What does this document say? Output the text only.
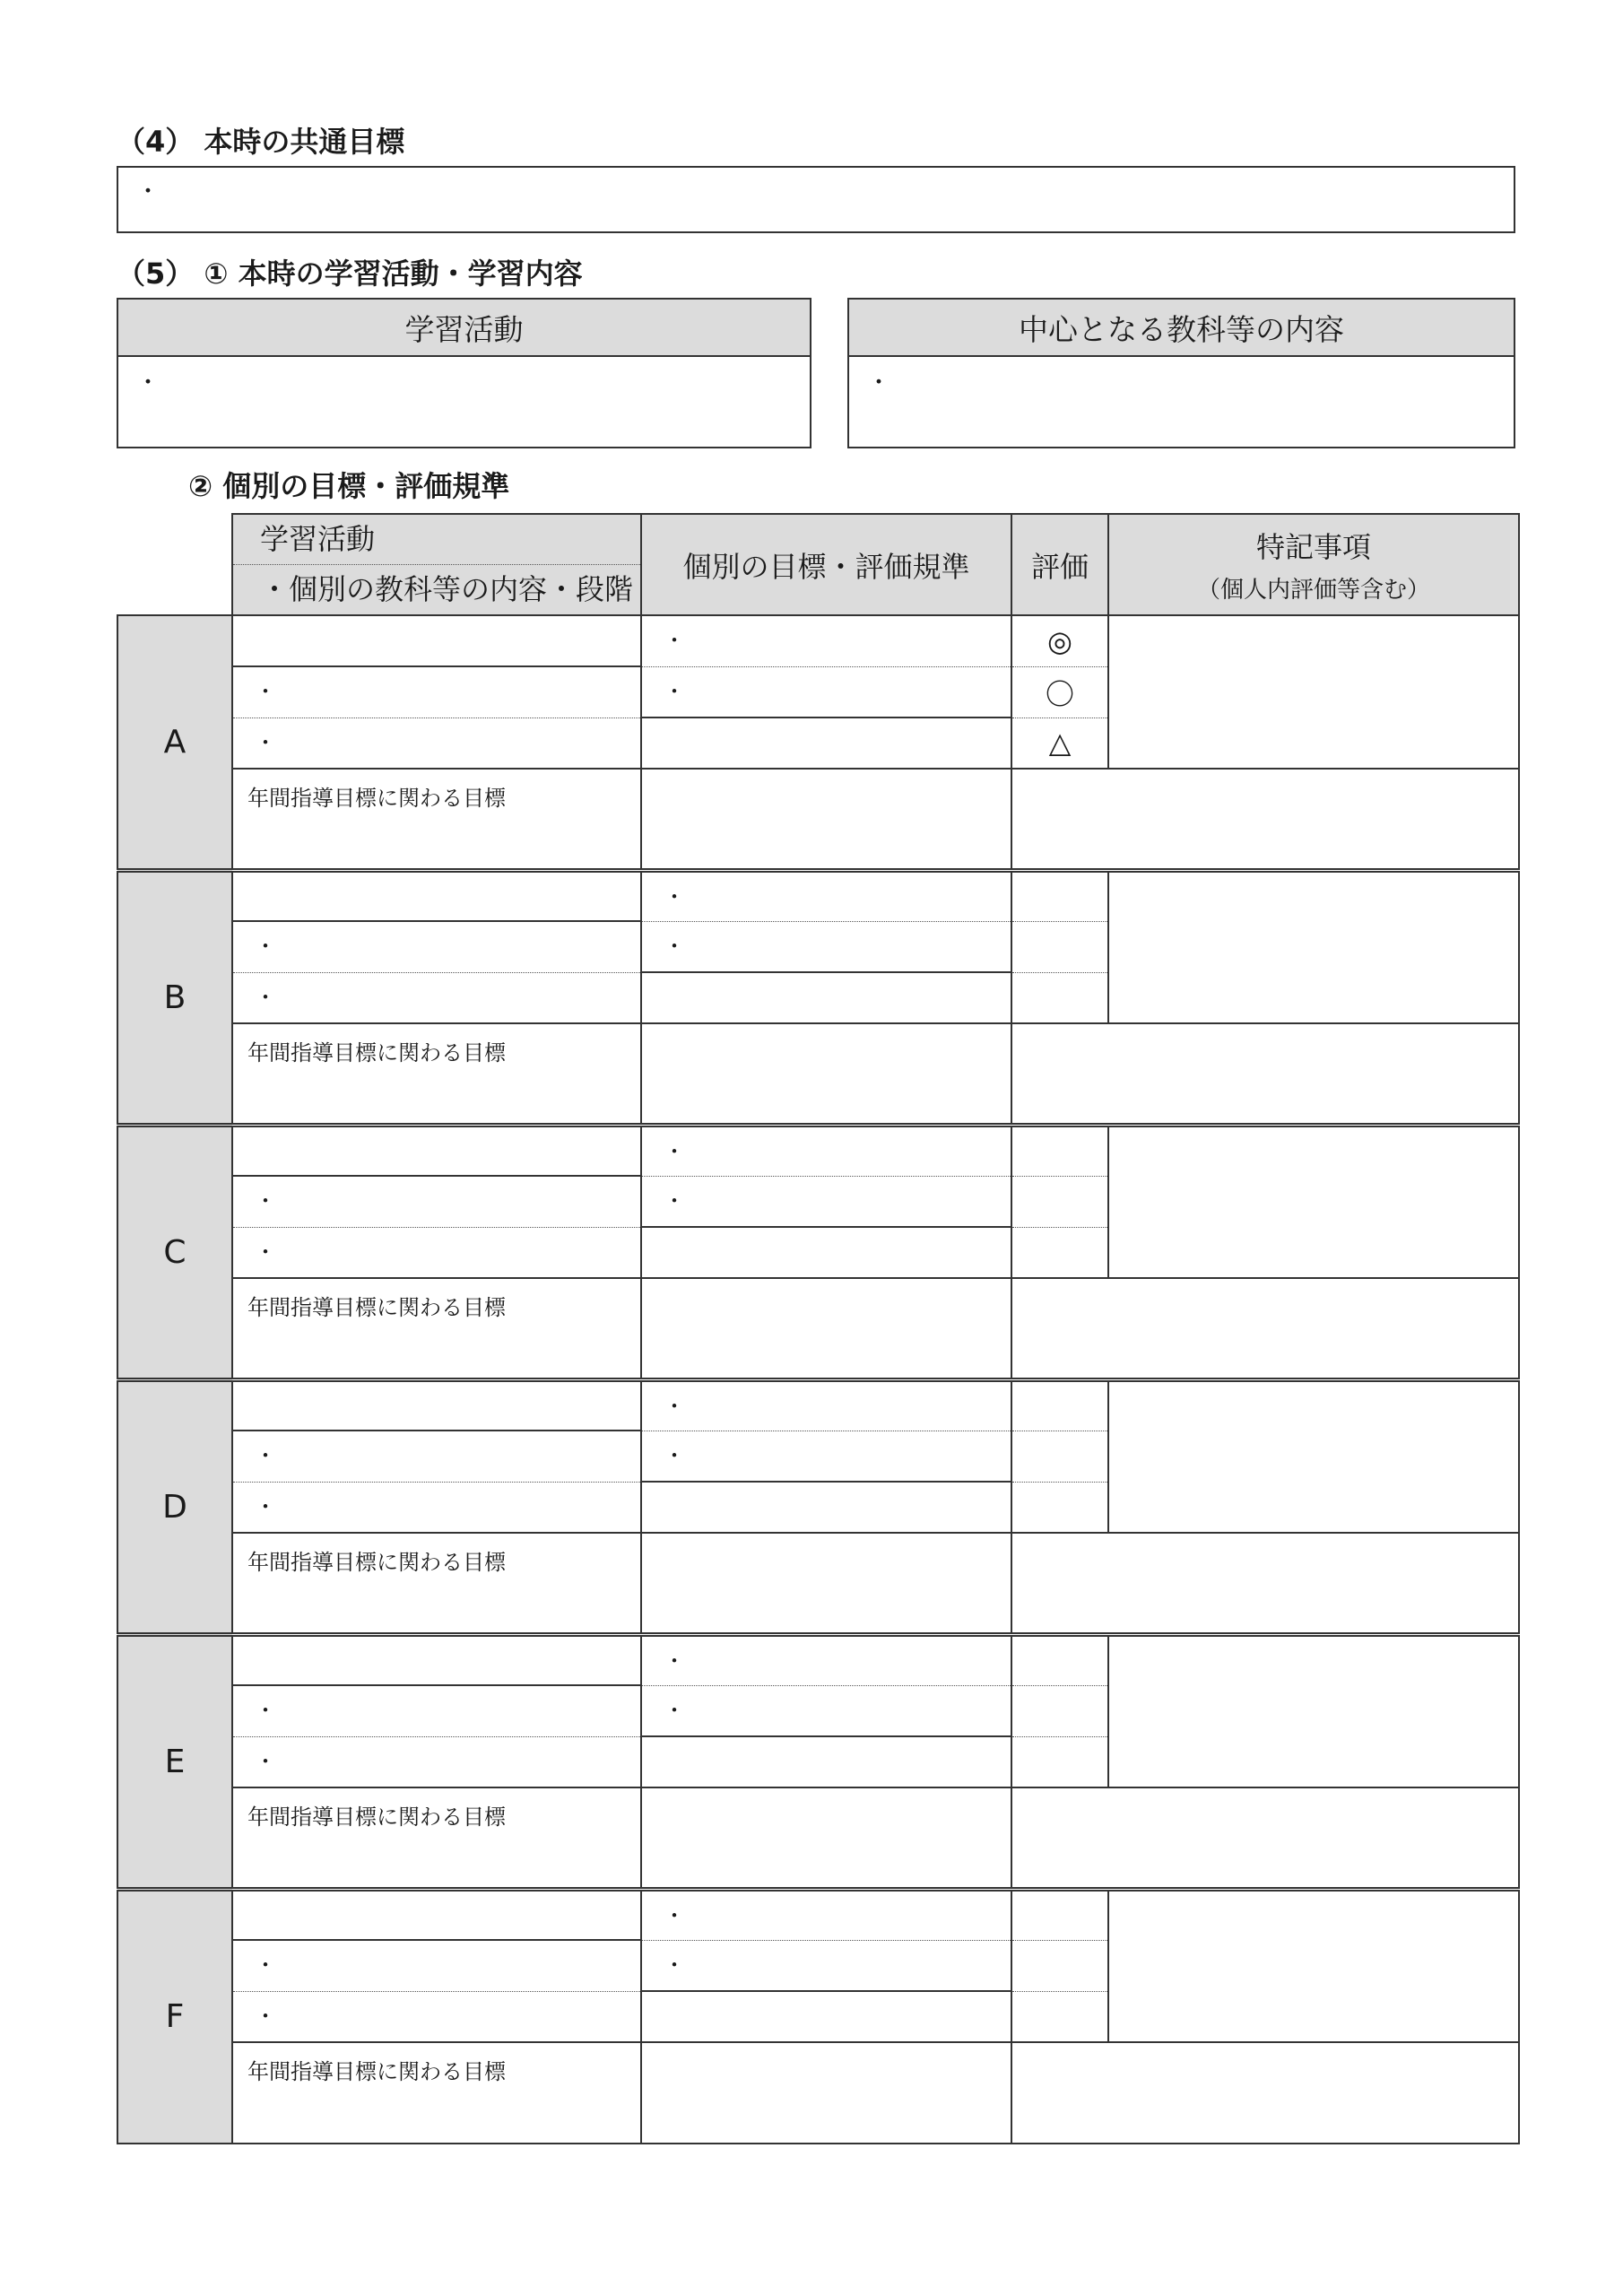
（4） 本時の共通目標
・
（5） ① 本時の学習活動・学習内容
学習活動
・
中心となる教科等の内容
・
② 個別の目標・評価規準

	学習活動
・個別の教科等の内容・段階	個別の目標・評価規準	評価	特記事項
（個人内評価等含む）

A		・	◎	

	・	・	〇	

	・		△	

	年間指導目標に関わる目標			

B		・		

	・	・		

	・			

	年間指導目標に関わる目標			

C		・		

	・	・		

	・			

	年間指導目標に関わる目標			

D		・		

	・	・		

	・			

	年間指導目標に関わる目標			

E		・		

	・	・		

	・			

	年間指導目標に関わる目標			

F		・		

	・	・		

	・			

	年間指導目標に関わる目標			
